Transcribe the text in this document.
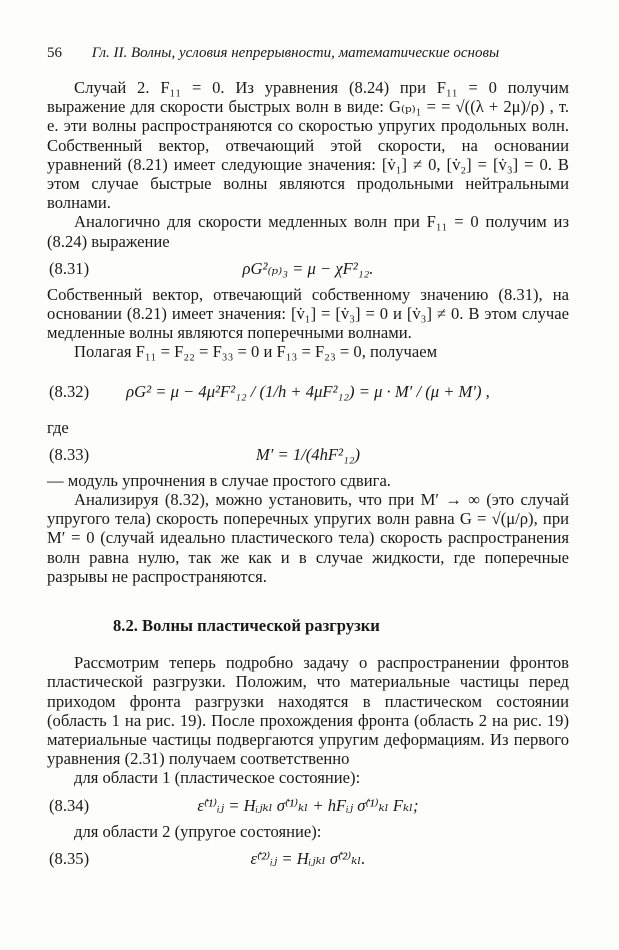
56 Гл. II. Волны, условия непрерывности, математические основы

Случай 2. F₁₁ = 0. Из уравнения (8.24) при F₁₁ = 0 получим выражение для скорости быстрых волн в виде: G₍ₚ₎₁ = = √((λ + 2μ)/ρ) , т. е. эти волны распространяются со скоростью упругих продольных волн. Собственный вектор, отвечающий этой скорости, на основании уравнений (8.21) имеет следующие значения: [v̇₁] ≠ 0, [v̇₂] = [v̇₃] = 0. В этом случае быстрые волны являются продольными нейтральными волнами.

Аналогично для скорости медленных волн при F₁₁ = 0 получим из (8.24) выражение

(8.31)	ρG²₍ₚ₎₃ = μ − χF²₁₂.

Собственный вектор, отвечающий собственному значению (8.31), на основании (8.21) имеет значения: [v̇₁] = [v̇₃] = 0 и [v̇₃] ≠ 0. В этом случае медленные волны являются поперечными волнами.

Полагая F₁₁ = F₂₂ = F₃₃ = 0 и F₁₃ = F₂₃ = 0, получаем

(8.32)	ρG² = μ − 4μ²F²₁₂ / (1/h + 4μF²₁₂) = μ · M′ / (μ + M′) ,

где

(8.33)	M′ = 1/(4hF²₁₂)

— модуль упрочнения в случае простого сдвига.

Анализируя (8.32), можно установить, что при M′ → ∞ (это случай упругого тела) скорость поперечных упругих волн равна G = √(μ/ρ), при M′ = 0 (случай идеально пластического тела) скорость распространения волн равна нулю, так же как и в случае жидкости, где поперечные разрывы не распространяются.

8.2. Волны пластической разгрузки

Рассмотрим теперь подробно задачу о распространении фронтов пластической разгрузки. Положим, что материальные частицы перед приходом фронта разгрузки находятся в пластическом состоянии (область 1 на рис. 19). После прохождения фронта (область 2 на рис. 19) материальные частицы подвергаются упругим деформациям. Из первого уравнения (2.31) получаем соответственно

для области 1 (пластическое состояние):

(8.34)	ε̇⁽¹⁾ᵢⱼ = Hᵢⱼₖₗ σ̇⁽¹⁾ₖₗ + hFᵢⱼ σ̇⁽¹⁾ₖₗ Fₖₗ;

для области 2 (упругое состояние):

(8.35)	ε̇⁽²⁾ᵢⱼ = Hᵢⱼₖₗ σ̇⁽²⁾ₖₗ.
